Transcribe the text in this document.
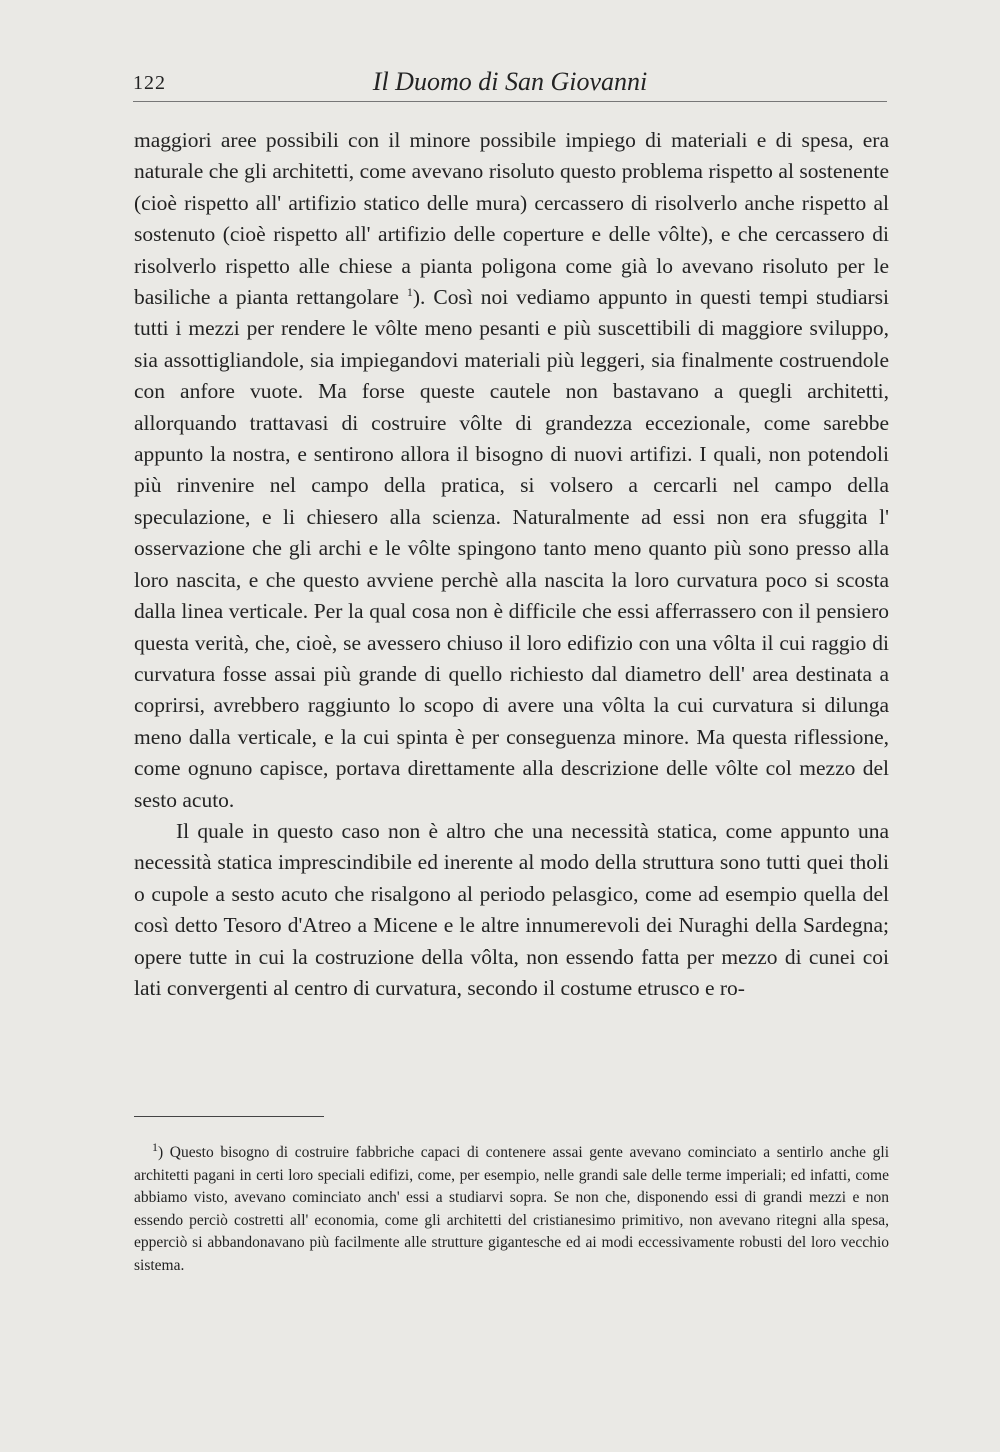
122	Il Duomo di San Giovanni

maggiori aree possibili con il minore possibile impiego di materiali e di spesa, era naturale che gli architetti, come avevano risoluto questo problema rispetto al sostenente (cioè rispetto all' artifizio statico delle mura) cercassero di risolverlo anche rispetto al sostenuto (cioè rispetto all' artifizio delle coperture e delle vôlte), e che cercassero di risolverlo rispetto alle chiese a pianta poligona come già lo avevano risoluto per le basiliche a pianta rettangolare $^1$). Così noi vediamo appunto in questi tempi studiarsi tutti i mezzi per rendere le vôlte meno pesanti e più suscettibili di maggiore sviluppo, sia assottigliandole, sia impiegandovi materiali più leggeri, sia finalmente costruendole con anfore vuote. Ma forse queste cautele non bastavano a quegli architetti, allorquando trattavasi di costruire vôlte di grandezza eccezionale, come sarebbe appunto la nostra, e sentirono allora il bisogno di nuovi artifizi. I quali, non potendoli più rinvenire nel campo della pratica, si volsero a cercarli nel campo della speculazione, e li chiesero alla scienza. Naturalmente ad essi non era sfuggita l' osservazione che gli archi e le vôlte spingono tanto meno quanto più sono presso alla loro nascita, e che questo avviene perchè alla nascita la loro curvatura poco si scosta dalla linea verticale. Per la qual cosa non è difficile che essi afferrassero con il pensiero questa verità, che, cioè, se avessero chiuso il loro edifizio con una vôlta il cui raggio di curvatura fosse assai più grande di quello richiesto dal diametro dell' area destinata a coprirsi, avrebbero raggiunto lo scopo di avere una vôlta la cui curvatura si dilunga meno dalla verticale, e la cui spinta è per conseguenza minore. Ma questa riflessione, come ognuno capisce, portava direttamente alla descrizione delle vôlte col mezzo del sesto acuto.

Il quale in questo caso non è altro che una necessità statica, come appunto una necessità statica imprescindibile ed inerente al modo della struttura sono tutti quei tholi o cupole a sesto acuto che risalgono al periodo pelasgico, come ad esempio quella del così detto Tesoro d'Atreo a Micene e le altre innumerevoli dei Nuraghi della Sardegna; opere tutte in cui la costruzione della vôlta, non essendo fatta per mezzo di cunei coi lati convergenti al centro di curvatura, secondo il costume etrusco e ro-

$^1$) Questo bisogno di costruire fabbriche capaci di contenere assai gente avevano cominciato a sentirlo anche gli architetti pagani in certi loro speciali edifizi, come, per esempio, nelle grandi sale delle terme imperiali; ed infatti, come abbiamo visto, avevano cominciato anch' essi a studiarvi sopra. Se non che, disponendo essi di grandi mezzi e non essendo perciò costretti all' economia, come gli architetti del cristianesimo primitivo, non avevano ritegni alla spesa, epperciò si abbandonavano più facilmente alle strutture gigantesche ed ai modi eccessivamente robusti del loro vecchio sistema.
